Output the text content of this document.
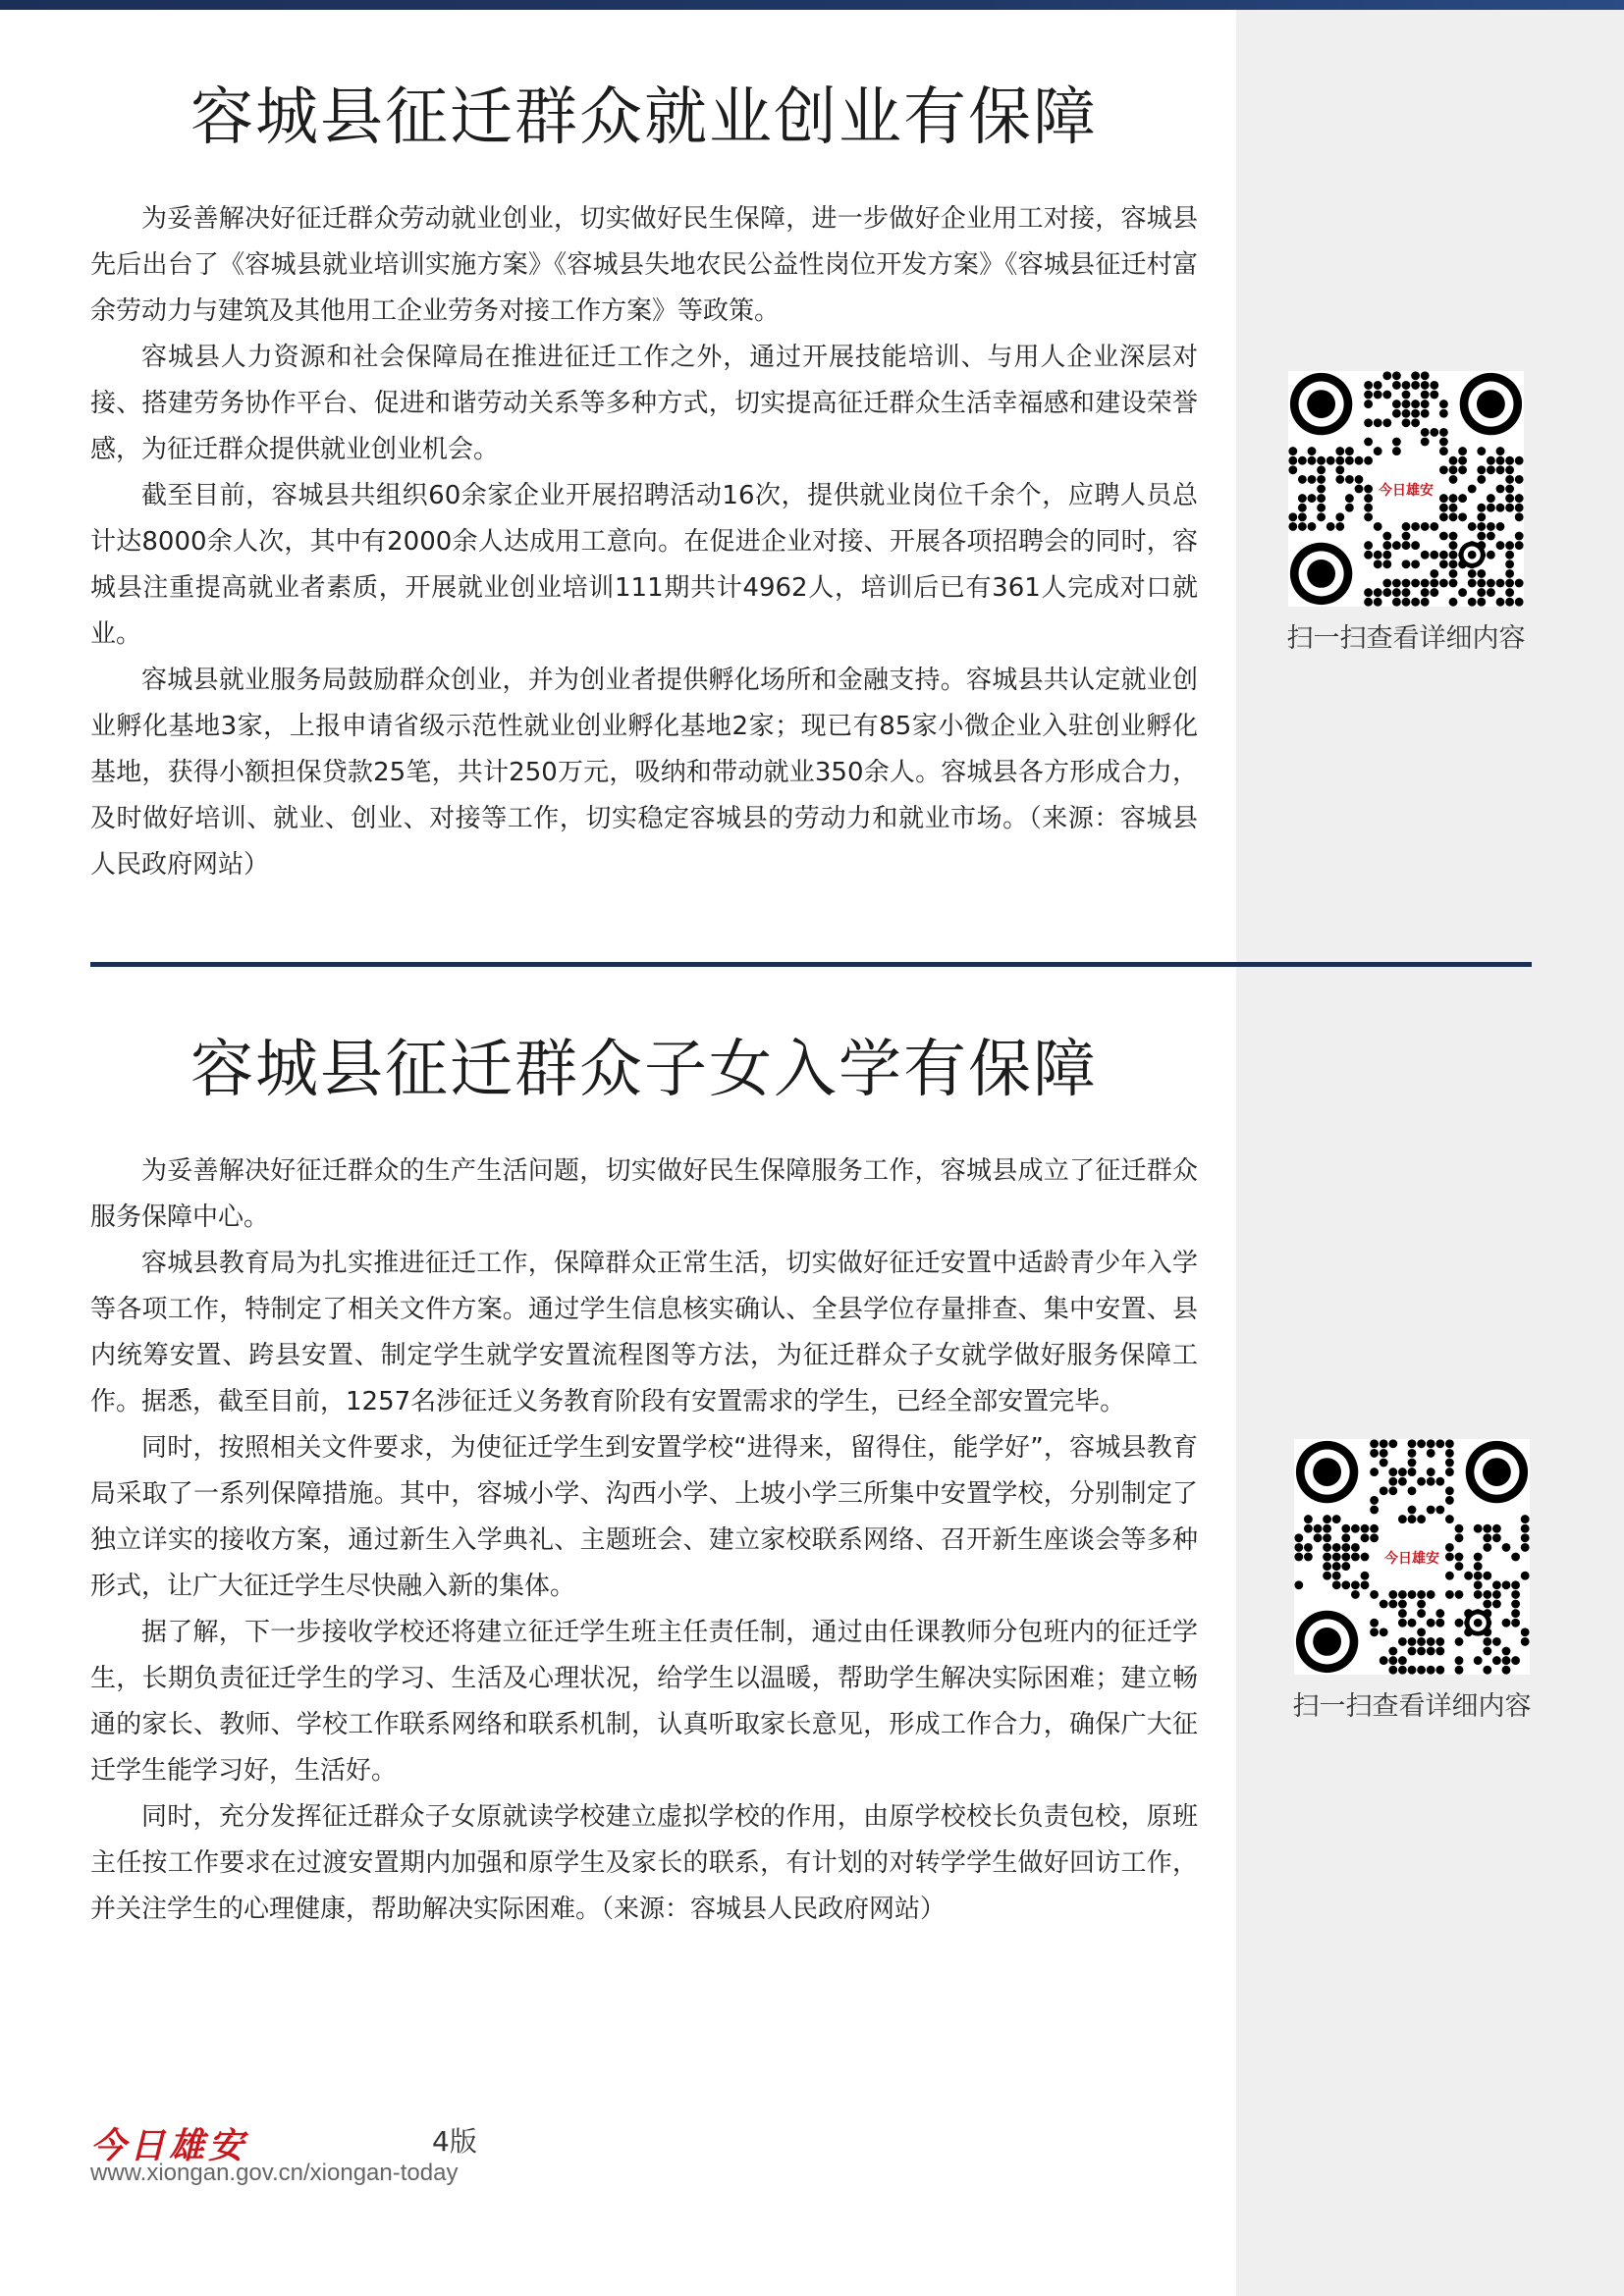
容城县征迁群众就业创业有保障

为妥善解决好征迁群众劳动就业创业，切实做好民生保障，进一步做好企业用工对接，容城县先后出台了《容城县就业培训实施方案》《容城县失地农民公益性岗位开发方案》《容城县征迁村富余劳动力与建筑及其他用工企业劳务对接工作方案》等政策。

容城县人力资源和社会保障局在推进征迁工作之外，通过开展技能培训、与用人企业深层对接、搭建劳务协作平台、促进和谐劳动关系等多种方式，切实提高征迁群众生活幸福感和建设荣誉感，为征迁群众提供就业创业机会。

截至目前，容城县共组织60余家企业开展招聘活动16次，提供就业岗位千余个，应聘人员总计达8000余人次，其中有2000余人达成用工意向。在促进企业对接、开展各项招聘会的同时，容城县注重提高就业者素质，开展就业创业培训111期共计4962人，培训后已有361人完成对口就业。

容城县就业服务局鼓励群众创业，并为创业者提供孵化场所和金融支持。容城县共认定就业创业孵化基地3家，上报申请省级示范性就业创业孵化基地2家；现已有85家小微企业入驻创业孵化基地，获得小额担保贷款25笔，共计250万元，吸纳和带动就业350余人。容城县各方形成合力，及时做好培训、就业、创业、对接等工作，切实稳定容城县的劳动力和就业市场。（来源：容城县人民政府网站）

容城县征迁群众子女入学有保障

为妥善解决好征迁群众的生产生活问题，切实做好民生保障服务工作，容城县成立了征迁群众服务保障中心。

容城县教育局为扎实推进征迁工作，保障群众正常生活，切实做好征迁安置中适龄青少年入学等各项工作，特制定了相关文件方案。通过学生信息核实确认、全县学位存量排查、集中安置、县内统筹安置、跨县安置、制定学生就学安置流程图等方法，为征迁群众子女就学做好服务保障工作。据悉，截至目前，1257名涉征迁义务教育阶段有安置需求的学生，已经全部安置完毕。

同时，按照相关文件要求，为使征迁学生到安置学校“进得来，留得住，能学好”，容城县教育局采取了一系列保障措施。其中，容城小学、沟西小学、上坡小学三所集中安置学校，分别制定了独立详实的接收方案，通过新生入学典礼、主题班会、建立家校联系网络、召开新生座谈会等多种形式，让广大征迁学生尽快融入新的集体。

据了解，下一步接收学校还将建立征迁学生班主任责任制，通过由任课教师分包班内的征迁学生，长期负责征迁学生的学习、生活及心理状况，给学生以温暖，帮助学生解决实际困难；建立畅通的家长、教师、学校工作联系网络和联系机制，认真听取家长意见，形成工作合力，确保广大征迁学生能学习好，生活好。

同时，充分发挥征迁群众子女原就读学校建立虚拟学校的作用，由原学校校长负责包校，原班主任按工作要求在过渡安置期内加强和原学生及家长的联系，有计划的对转学学生做好回访工作，并关注学生的心理健康，帮助解决实际困难。（来源：容城县人民政府网站）

今日雄安
扫一扫查看详细内容
今日雄安
扫一扫查看详细内容
今日雄安	4版
www.xiongan.gov.cn/xiongan-today
